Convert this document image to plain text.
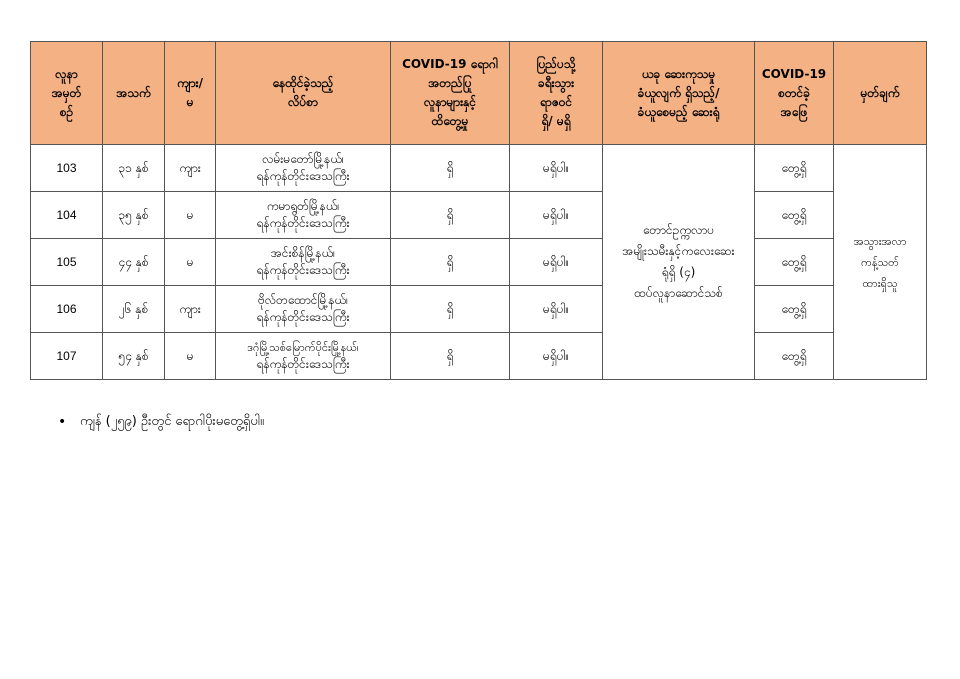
လူနာ
အမှတ်
စဉ်	အသက်	ကျား/
မ	နေထိုင်ခဲ့သည့်
လိပ်စာ	COVID-19 ရောဂါ
အတည်ပြု
လူနာများနှင့်
ထိတွေ့မှု	ပြည်ပသို့
ခရီးသွား
ရာဇဝင်
ရှိ/ မရှိ	ယခု ဆေးကုသမှု
ခံယူလျက် ရှိသည့်/
ခံယူစေမည့် ဆေးရုံ	COVID-19
စတင်ခဲ့
အဖြေ	မှတ်ချက်
103	၃၁ နှစ်	ကျား	လမ်းမတော်မြို့နယ်၊
ရန်ကုန်တိုင်းဒေသကြီး	ရှိ	မရှိပါ။	တောင်ဥက္ကလာပ
အမျိုးသမီးနှင့်ကလေးဆေး
ရုံရှိ (၄)
ထပ်လူနာဆောင်သစ်	တွေ့ရှိ	အသွားအလာ
ကန့်သတ်
ထားရှိသူ
104	၃၅ နှစ်	မ	ကမာရွတ်မြို့နယ်၊
ရန်ကုန်တိုင်းဒေသကြီး	ရှိ	မရှိပါ။		တွေ့ရှိ	
105	၄၄ နှစ်	မ	အင်းစိန်မြို့နယ်၊
ရန်ကုန်တိုင်းဒေသကြီး	ရှိ	မရှိပါ။		တွေ့ရှိ	
106	၂၆ နှစ်	ကျား	ဗိုလ်တထောင်မြို့နယ်၊
ရန်ကုန်တိုင်းဒေသကြီး	ရှိ	မရှိပါ။		တွေ့ရှိ	
107	၅၄ နှစ်	မ	ဒဂုံမြို့သစ်မြောက်ပိုင်းမြို့နယ်၊
ရန်ကုန်တိုင်းဒေသကြီး	ရှိ	မရှိပါ။		တွေ့ရှိ	
• ကျန် (၂၅၉) ဦးတွင် ရောဂါပိုးမတွေ့ရှိပါ။
